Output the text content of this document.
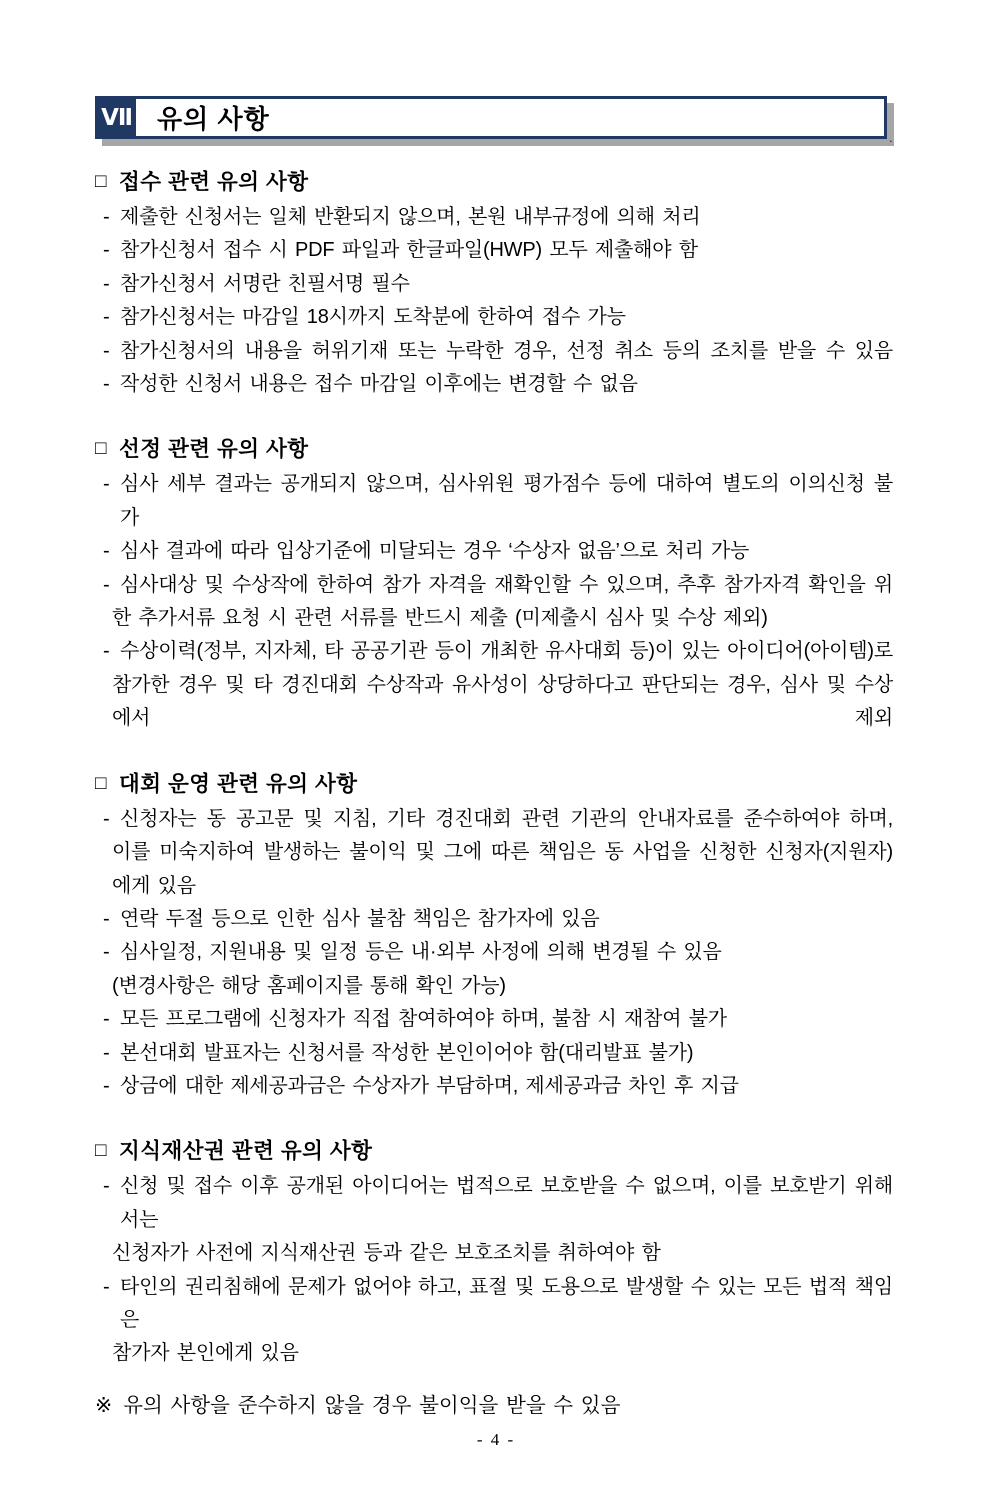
Ⅶ 유의 사항
.
□ 접수 관련 유의 사항
- 제출한 신청서는 일체 반환되지 않으며, 본원 내부규정에 의해 처리
- 참가신청서 접수 시 PDF 파일과 한글파일(HWP) 모두 제출해야 함
- 참가신청서 서명란 친필서명 필수
- 참가신청서는 마감일 18시까지 도착분에 한하여 접수 가능
- 참가신청서의 내용을 허위기재 또는 누락한 경우, 선정 취소 등의 조치를 받을 수 있음
- 작성한 신청서 내용은 접수 마감일 이후에는 변경할 수 없음
□ 선정 관련 유의 사항
- 심사 세부 결과는 공개되지 않으며, 심사위원 평가점수 등에 대하여 별도의 이의신청 불가
- 심사 결과에 따라 입상기준에 미달되는 경우 ‘수상자 없음’으로 처리 가능
- 심사대상 및 수상작에 한하여 참가 자격을 재확인할 수 있으며, 추후 참가자격 확인을 위
한 추가서류 요청 시 관련 서류를 반드시 제출 (미제출시 심사 및 수상 제외)
- 수상이력(정부, 지자체, 타 공공기관 등이 개최한 유사대회 등)이 있는 아이디어(아이템)로
참가한 경우 및 타 경진대회 수상작과 유사성이 상당하다고 판단되는 경우, 심사 및 수상에서 제외
□ 대회 운영 관련 유의 사항
- 신청자는 동 공고문 및 지침, 기타 경진대회 관련 기관의 안내자료를 준수하여야 하며,
이를 미숙지하여 발생하는 불이익 및 그에 따른 책임은 동 사업을 신청한 신청자(지원자)
에게 있음
- 연락 두절 등으로 인한 심사 불참 책임은 참가자에 있음
- 심사일정, 지원내용 및 일정 등은 내·외부 사정에 의해 변경될 수 있음
(변경사항은 해당 홈페이지를 통해 확인 가능)
- 모든 프로그램에 신청자가 직접 참여하여야 하며, 불참 시 재참여 불가
- 본선대회 발표자는 신청서를 작성한 본인이어야 함(대리발표 불가)
- 상금에 대한 제세공과금은 수상자가 부담하며, 제세공과금 차인 후 지급
□ 지식재산권 관련 유의 사항
- 신청 및 접수 이후 공개된 아이디어는 법적으로 보호받을 수 없으며, 이를 보호받기 위해서는
신청자가 사전에 지식재산권 등과 같은 보호조치를 취하여야 함
- 타인의 권리침해에 문제가 없어야 하고, 표절 및 도용으로 발생할 수 있는 모든 법적 책임은
참가자 본인에게 있음
※ 유의 사항을 준수하지 않을 경우 불이익을 받을 수 있음
- 4 -
